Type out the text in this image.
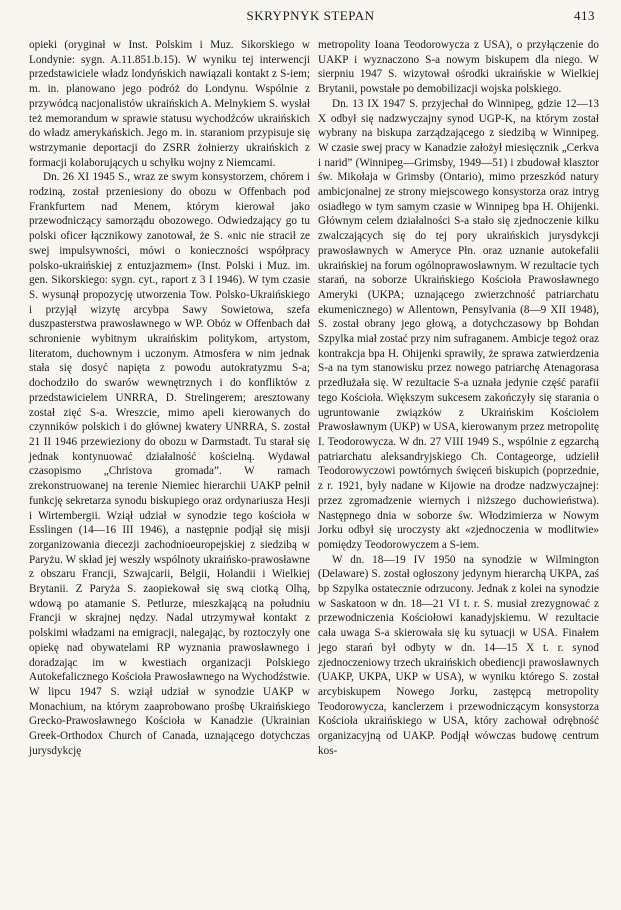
SKRYPNYK STEPAN	413

opieki (oryginał w Inst. Polskim i Muz. Sikorskiego w Londynie: sygn. A.11.851.b.15). W wyniku tej interwencji przedstawiciele władz londyńskich nawiązali kontakt z S-iem; m. in. planowano jego podróż do Londynu. Wspólnie z przywódcą nacjonalistów ukraińskich A. Melnykiem S. wysłał też memorandum w sprawie statusu wychodźców ukraińskich do władz amerykańskich. Jego m. in. staraniom przypisuje się wstrzymanie deportacji do ZSRR żołnierzy ukraińskich z formacji kolaborujących u schyłku wojny z Niemcami.

Dn. 26 XI 1945 S., wraz ze swym konsystorzem, chórem i rodziną, został przeniesiony do obozu w Offenbach pod Frankfurtem nad Menem, którym kierował jako przewodniczący samorządu obozowego. Odwiedzający go tu polski oficer łącznikowy zanotował, że S. «nic nie stracił ze swej impulsywności, mówi o konieczności współpracy polsko-ukraińskiej z entuzjazmem» (Inst. Polski i Muz. im. gen. Sikorskiego: sygn. cyt., raport z 3 I 1946). W tym czasie S. wysunął propozycję utworzenia Tow. Polsko-Ukraińskiego i przyjął wizytę arcybpa Sawy Sowietowa, szefa duszpasterstwa prawosławnego w WP. Obóz w Offenbach dał schronienie wybitnym ukraińskim politykom, artystom, literatom, duchownym i uczonym. Atmosfera w nim jednak stała się dosyć napięta z powodu autokratyzmu S-a; dochodziło do swarów wewnętrznych i do konfliktów z przedstawicielem UNRRA, D. Strelingerem; aresztowany został zięć S-a. Wreszcie, mimo apeli kierowanych do czynników polskich i do głównej kwatery UNRRA, S. został 21 II 1946 przewieziony do obozu w Darmstadt. Tu starał się jednak kontynuować działalność kościelną. Wydawał czasopismo „Christova gromada”. W ramach zrekonstruowanej na terenie Niemiec hierarchii UAKP pełnił funkcję sekretarza synodu biskupiego oraz ordynariusza Hesji i Wirtembergii. Wziął udział w synodzie tego kościoła w Esslingen (14—16 III 1946), a następnie podjął się misji zorganizowania diecezji zachodnioeuropejskiej z siedzibą w Paryżu. W skład jej weszły wspólnoty ukraińsko-prawosławne z obszaru Francji, Szwajcarii, Belgii, Holandii i Wielkiej Brytanii. Z Paryża S. zaopiekował się swą ciotką Olhą, wdową po atamanie S. Petlurze, mieszkającą na południu Francji w skrajnej nędzy. Nadal utrzymywał kontakt z polskimi władzami na emigracji, nalegając, by roztoczyły one opiekę nad obywatelami RP wyznania prawosławnego i doradzając im w kwestiach organizacji Polskiego Autokefalicznego Kościoła Prawosławnego na Wychodźstwie. W lipcu 1947 S. wziął udział w synodzie UAKP w Monachium, na którym zaaprobowano prośbę Ukraińskiego Grecko-Prawosławnego Kościoła w Kanadzie (Ukrainian Greek-Orthodox Church of Canada, uznającego dotychczas jurysdykcję

metropolity Ioana Teodorowycza z USA), o przyłączenie do UAKP i wyznaczono S-a nowym biskupem dla niego. W sierpniu 1947 S. wizytował ośrodki ukraińskie w Wielkiej Brytanii, powstałe po demobilizacji wojska polskiego.

Dn. 13 IX 1947 S. przyjechał do Winnipeg, gdzie 12—13 X odbył się nadzwyczajny synod UGP-K, na którym został wybrany na biskupa zarządzającego z siedzibą w Winnipeg. W czasie swej pracy w Kanadzie założył miesięcznik „Cerkva i narid” (Winnipeg—Grimsby, 1949—51) i zbudował klasztor św. Mikołaja w Grimsby (Ontario), mimo przeszkód natury ambicjonalnej ze strony miejscowego konsystorza oraz intryg osiadłego w tym samym czasie w Winnipeg bpa H. Ohijenki. Głównym celem działalności S-a stało się zjednoczenie kilku zwalczających się do tej pory ukraińskich jurysdykcji prawosławnych w Ameryce Płn. oraz uznanie autokefalii ukraińskiej na forum ogólnoprawosławnym. W rezultacie tych starań, na soborze Ukraińskiego Kościoła Prawosławnego Ameryki (UKPA; uznającego zwierzchność patriarchatu ekumenicznego) w Allentown, Pensylvania (8—9 XII 1948), S. został obrany jego głową, a dotychczasowy bp Bohdan Szpylka miał zostać przy nim sufraganem. Ambicje tegoż oraz kontrakcja bpa H. Ohijenki sprawiły, że sprawa zatwierdzenia S-a na tym stanowisku przez nowego patriarchę Atenagorasa przedłużała się. W rezultacie S-a uznała jedynie część parafii tego Kościoła. Większym sukcesem zakończyły się starania o ugruntowanie związków z Ukraińskim Kościołem Prawosławnym (UKP) w USA, kierowanym przez metropolitę I. Teodorowycza. W dn. 27 VIII 1949 S., wspólnie z egzarchą patriarchatu aleksandryjskiego Ch. Contageorge, udzielił Teodorowyczowi powtórnych święceń biskupich (poprzednie, z r. 1921, były nadane w Kijowie na drodze nadzwyczajnej: przez zgromadzenie wiernych i niższego duchowieństwa). Następnego dnia w soborze św. Włodzimierza w Nowym Jorku odbył się uroczysty akt «zjednoczenia w modlitwie» pomiędzy Teodorowyczem a S-iem.

W dn. 18—19 IV 1950 na synodzie w Wilmington (Delaware) S. został ogłoszony jedynym hierarchą UKPA, zaś bp Szpylka ostatecznie odrzucony. Jednak z kolei na synodzie w Saskatoon w dn. 18—21 VI t. r. S. musiał zrezygnować z przewodniczenia Kościołowi kanadyjskiemu. W rezultacie cała uwaga S-a skierowała się ku sytuacji w USA. Finałem jego starań był odbyty w dn. 14—15 X t. r. synod zjednoczeniowy trzech ukraińskich obediencji prawosławnych (UAKP, UKPA, UKP w USA), w wyniku którego S. został arcybiskupem Nowego Jorku, zastępcą metropolity Teodorowycza, kanclerzem i przewodniczącym konsystorza Kościoła ukraińskiego w USA, który zachował odrębność organizacyjną od UAKP. Podjął wówczas budowę centrum kos-
